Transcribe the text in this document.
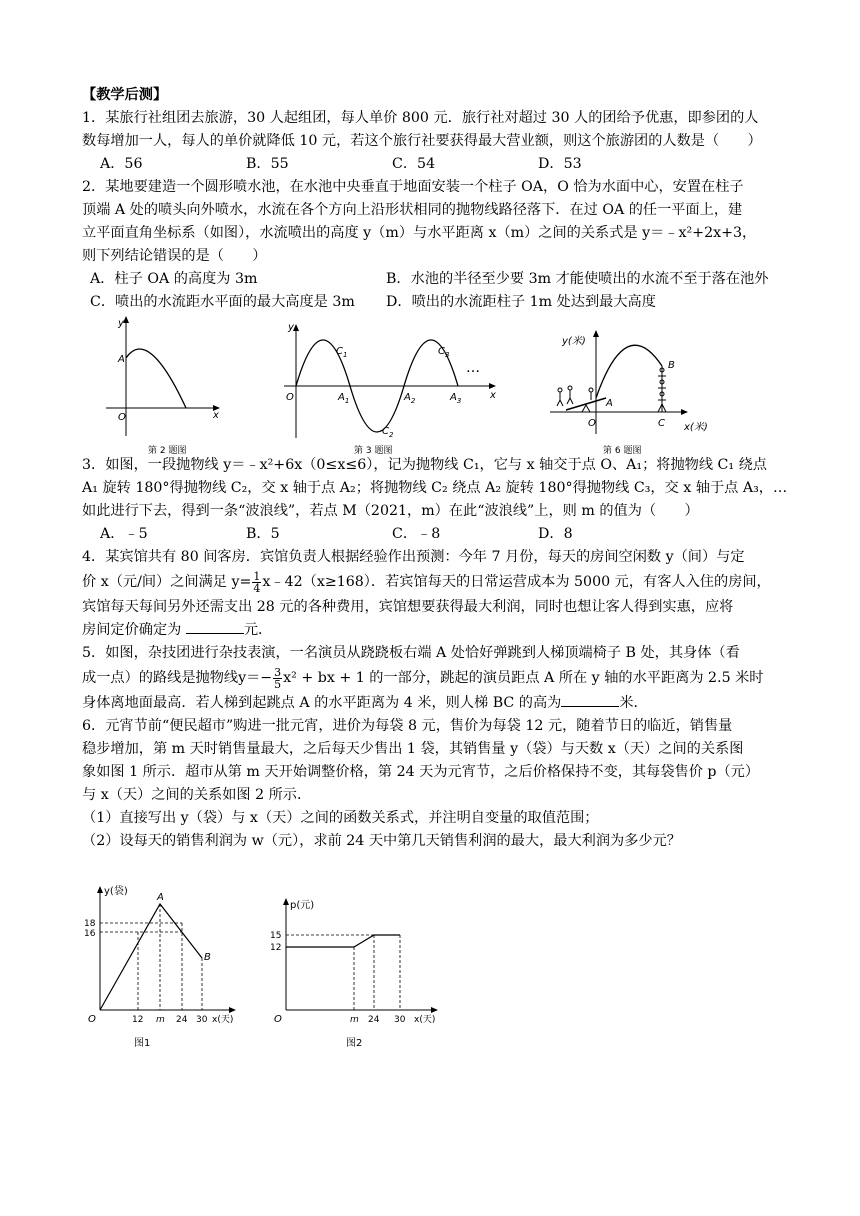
【教学后测】

1．某旅行社组团去旅游，30 人起组团，每人单价 800 元．旅行社对超过 30 人的团给予优惠，即参团的人

数每增加一人，每人的单价就降低 10 元，若这个旅行社要获得最大营业额，则这个旅游团的人数是（　　）

A．56	B．55	C．54	D．53

2．某地要建造一个圆形喷水池，在水池中央垂直于地面安装一个柱子 OA，O 恰为水面中心，安置在柱子

顶端 A 处的喷头向外喷水，水流在各个方向上沿形状相同的抛物线路径落下．在过 OA 的任一平面上，建

立平面直角坐标系（如图），水流喷出的高度 y（m）与水平距离 x（m）之间的关系式是 y＝﹣x²+2x+3，

则下列结论错误的是（　　）

A．柱子 OA 的高度为 3m	B．水池的半径至少要 3m 才能使喷出的水流不至于落在池外
C．喷出的水流距水平面的最大高度是 3m	D．喷出的水流距柱子 1m 处达到最大高度

3．如图，一段抛物线 y＝﹣x²+6x（0≤x≤6），记为抛物线 C₁，它与 x 轴交于点 O、A₁；将抛物线 C₁ 绕点

A₁ 旋转 180°得抛物线 C₂，交 x 轴于点 A₂；将抛物线 C₂ 绕点 A₂ 旋转 180°得抛物线 C₃，交 x 轴于点 A₃，…

如此进行下去，得到一条“波浪线”，若点 M（2021，m）在此“波浪线”上，则 m 的值为（　　）

A．﹣5	B．5	C．﹣8	D．8

4．某宾馆共有 80 间客房．宾馆负责人根据经验作出预测：今年 7 月份，每天的房间空闲数 y（间）与定

价 x（元/间）之间满足 $y= \frac{1}{4}$ x﹣42（x≥168）．若宾馆每天的日常运营成本为 5000 元，有客人入住的房间，

宾馆每天每间另外还需支出 28 元的各种费用，宾馆想要获得最大利润，同时也想让客人得到实惠，应将

房间定价确定为	元．

5．如图，杂技团进行杂技表演，一名演员从跷跷板右端 A 处恰好弹跳到人梯顶端椅子 B 处，其身体（看

成一点）的路线是抛物线$y=- \frac{3}{5} x^2$ + bx + 1 的一部分，跳起的演员距点 A 所在 y 轴的水平距离为 2.5 米时

身体离地面最高．若人梯到起跳点 A 的水平距离为 4 米，则人梯 BC 的高为	米．

6．元宵节前“便民超市”购进一批元宵，进价为每袋 8 元，售价为每袋 12 元，随着节日的临近，销售量

稳步增加，第 m 天时销售量最大，之后每天少售出 1 袋，其销售量 y（袋）与天数 x（天）之间的关系图

象如图 1 所示．超市从第 m 天开始调整价格，第 24 天为元宵节，之后价格保持不变，其每袋售价 p（元）

与 x（天）之间的关系如图 2 所示．

（1）直接写出 y（袋）与 x（天）之间的函数关系式，并注明自变量的取值范围；

（2）设每天的销售利润为 w（元），求前 24 天中第几天销售利润的最大，最大利润为多少元？

y
A
O	x
第 2 题图
O
y
x
$C_1$
$C_2$
$C_3$
$A_1$	$A_2$	$A_3$
…
第 3 题图
y(米)
x(米)
O
A
B
C
第 6 题图
y(袋)
A
B
18
16
O	12 m 24 30 x(天)
图1
p(元)
15
12
O	m 24 30 x(天)
图2
